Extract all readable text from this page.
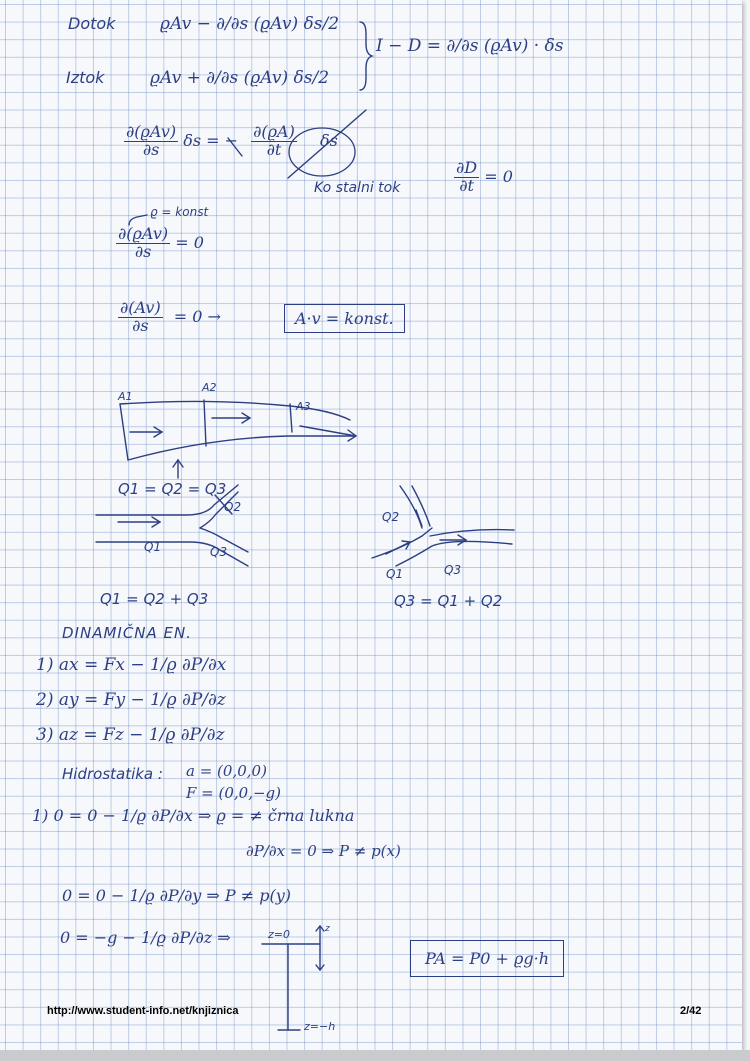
Dotok	ϱAv − ∂/∂s (ϱAv) δs/2
Iztok	ϱAv + ∂/∂s (ϱAv) δs/2
I − D = ∂/∂s (ϱAv) · δs
$\frac{\text{∂(ϱAv)}}{\partial s}$ δs = − $\frac{\partial(ϱA)}{\partial t}$ δs
Ko stalni tok	$\frac{\partial D}{\partial t} = 0$
ϱ = konst
$\frac{\text{∂(ϱAv)}}{\partial s} = 0$
$\frac{\partial(Av)}{\partial s} = 0$ →	A·v = konst.
A1
A2
A3
Q1 = Q2 = Q3
Q2
Q1	Q3
Q1 = Q2 + Q3
Q2
Q1	Q3
Q3 = Q1 + Q2
DINAMIČNA EN.
1) ax = Fx − 1/ϱ ∂P/∂x
2) ay = Fy − 1/ϱ ∂P/∂z
3) az = Fz − 1/ϱ ∂P/∂z
Hidrostatika : a = (0,0,0)
F = (0,0,−g)
1) 0 = 0 − 1/ϱ ∂P/∂x ⇒ ϱ = ≠ črna lukna
∂P/∂x = 0 ⇒ P ≠ p(x)
0 = 0 − 1/ϱ ∂P/∂y ⇒ P ≠ p(y)
0 = −g − 1/ϱ ∂P/∂z ⇒	z=0	z
z=−h
PA = P0 + ϱg·h
http://www.student-info.net/knjiznica	2/42
